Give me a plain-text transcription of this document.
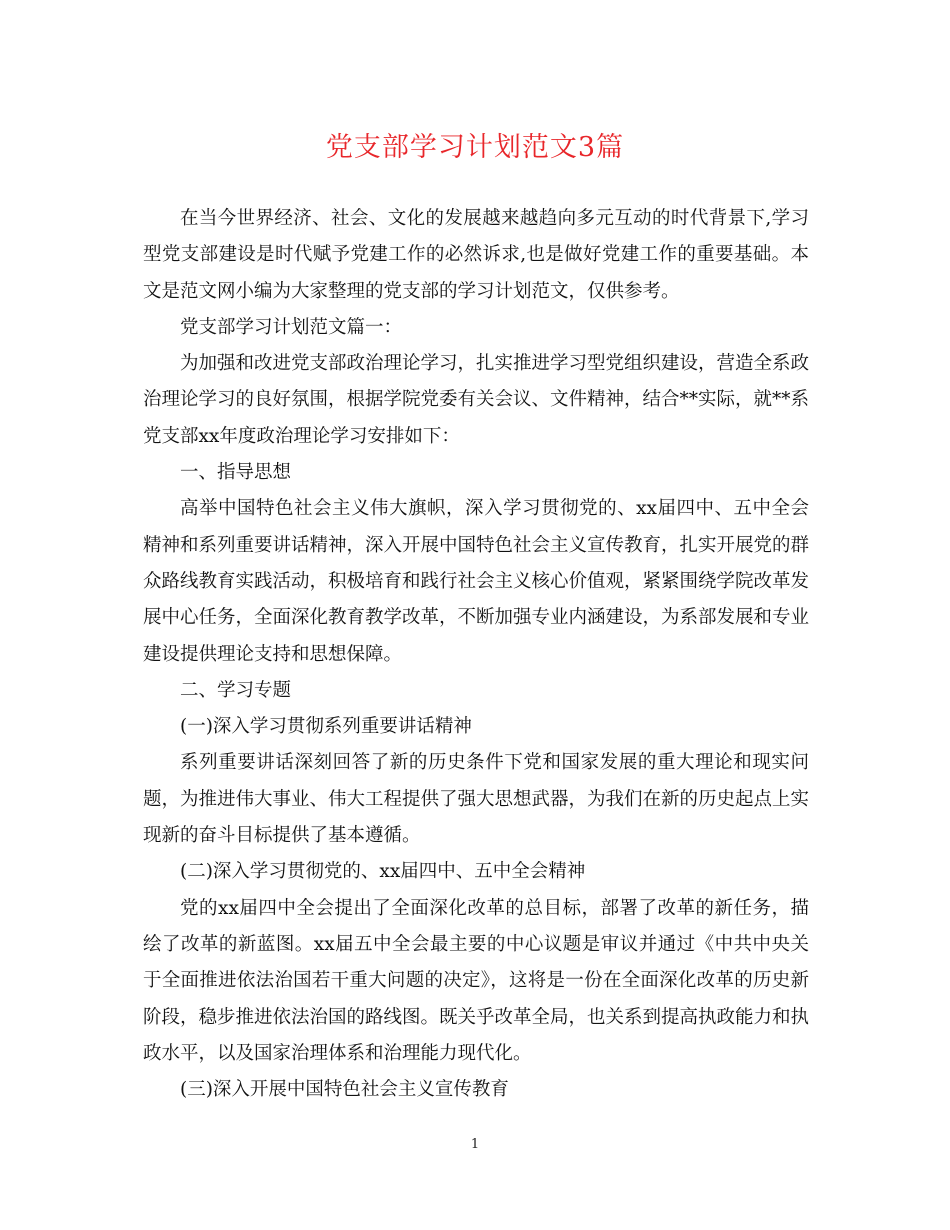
党支部学习计划范文3篇

在当今世界经济、社会、文化的发展越来越趋向多元互动的时代背景下,学习型党支部建设是时代赋予党建工作的必然诉求,也是做好党建工作的重要基础。本文是范文网小编为大家整理的党支部的学习计划范文，仅供参考。

党支部学习计划范文篇一：

为加强和改进党支部政治理论学习，扎实推进学习型党组织建设，营造全系政治理论学习的良好氛围，根据学院党委有关会议、文件精神，结合**实际，就**系党支部xx年度政治理论学习安排如下：

一、指导思想

高举中国特色社会主义伟大旗帜，深入学习贯彻党的、xx届四中、五中全会精神和系列重要讲话精神，深入开展中国特色社会主义宣传教育，扎实开展党的群众路线教育实践活动，积极培育和践行社会主义核心价值观，紧紧围绕学院改革发展中心任务，全面深化教育教学改革，不断加强专业内涵建设，为系部发展和专业建设提供理论支持和思想保障。

二、学习专题

(一)深入学习贯彻系列重要讲话精神

系列重要讲话深刻回答了新的历史条件下党和国家发展的重大理论和现实问题，为推进伟大事业、伟大工程提供了强大思想武器，为我们在新的历史起点上实现新的奋斗目标提供了基本遵循。

(二)深入学习贯彻党的、xx届四中、五中全会精神

党的xx届四中全会提出了全面深化改革的总目标，部署了改革的新任务，描绘了改革的新蓝图。xx届五中全会最主要的中心议题是审议并通过《中共中央关于全面推进依法治国若干重大问题的决定》，这将是一份在全面深化改革的历史新阶段，稳步推进依法治国的路线图。既关乎改革全局，也关系到提高执政能力和执政水平，以及国家治理体系和治理能力现代化。

(三)深入开展中国特色社会主义宣传教育

1
